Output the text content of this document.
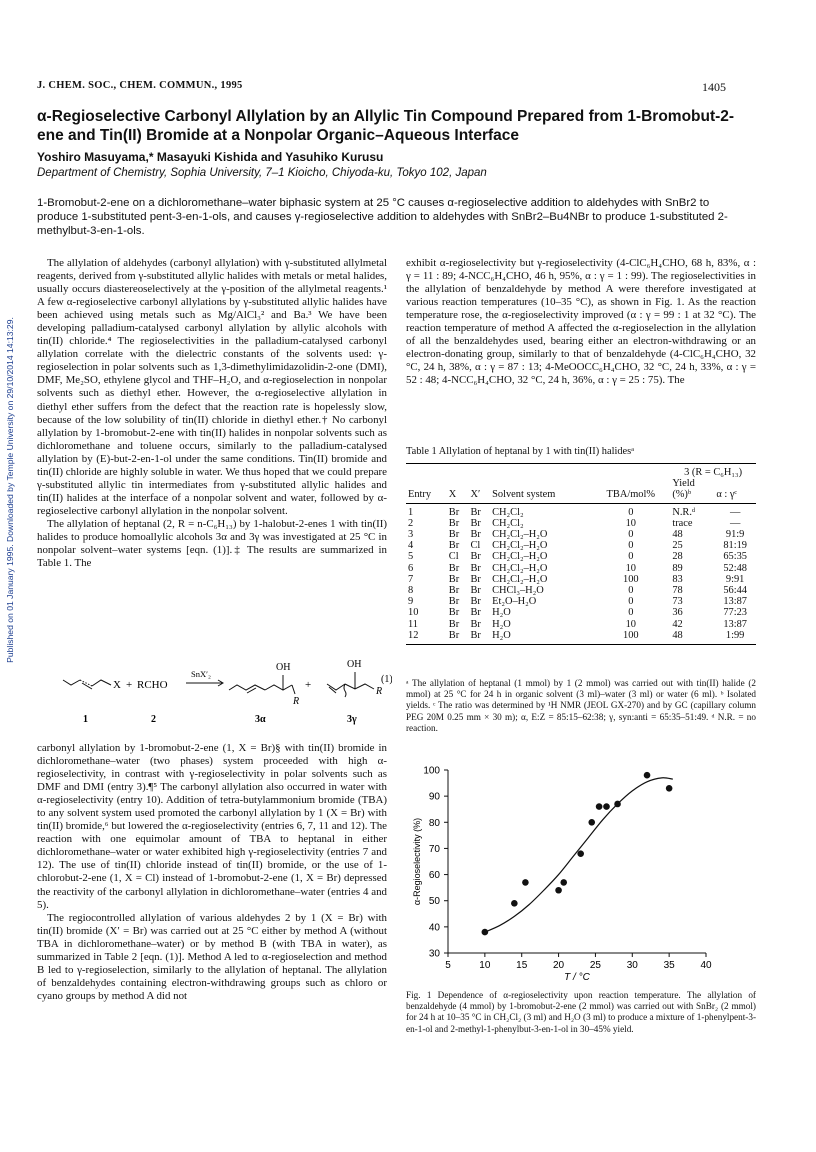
J. CHEM. SOC., CHEM. COMMUN., 1995	1405
α-Regioselective Carbonyl Allylation by an Allylic Tin Compound Prepared from 1-Bromobut-2-ene and Tin(II) Bromide at a Nonpolar Organic–Aqueous Interface
Yoshiro Masuyama,* Masayuki Kishida and Yasuhiko Kurusu
Department of Chemistry, Sophia University, 7–1 Kioicho, Chiyoda-ku, Tokyo 102, Japan
1-Bromobut-2-ene on a dichloromethane–water biphasic system at 25 °C causes α-regioselective addition to aldehydes with SnBr2 to produce 1-substituted pent-3-en-1-ols, and causes γ-regioselective addition to aldehydes with SnBr2–Bu4NBr to produce 1-substituted 2-methylbut-3-en-1-ols.
Published on 01 January 1995. Downloaded by Temple University on 29/10/2014 14:13:29.

The allylation of aldehydes (carbonyl allylation) with γ-substituted allylmetal reagents, derived from γ-substituted allylic halides with metals or metal halides, usually occurs diastereoselectively at the γ-position of the allylmetal reagents.¹ A few α-regioselective carbonyl allylations by γ-substituted allylic halides have been achieved using metals such as Mg/AlCl₃² and Ba.³ We have been developing palladium-catalysed carbonyl allylation by allylic alcohols with tin(II) chloride.⁴ The regioselectivities in the palladium-catalysed carbonyl allylation correlate with the dielectric constants of the solvents used: γ-regioselection in polar solvents such as 1,3-dimethylimidazolidin-2-one (DMI), DMF, Me₂SO, ethylene glycol and THF–H₂O, and α-regioselection in nonpolar solvents such as diethyl ether. However, the α-regioselective allylation in diethyl ether suffers from the defect that the reaction rate is hopelessly slow, because of the low solubility of tin(II) chloride in diethyl ether.† No carbonyl allylation by 1-bromobut-2-ene with tin(II) halides in nonpolar solvents such as dichloromethane and toluene occurs, similarly to the palladium-catalysed allylation by (E)-but-2-en-1-ol under the same conditions. Tin(II) bromide and tin(II) chloride are highly soluble in water. We thus hoped that we could prepare γ-substituted allylic tin intermediates from γ-substituted allylic halides and tin(II) halides at the interface of a nonpolar solvent and water, followed by α-regioselective carbonyl allylation in the nonpolar solvent.

The allylation of heptanal (2, R = n-C₆H₁₃) by 1-halobut-2-enes 1 with tin(II) halides to produce homoallylic alcohols 3α and 3γ was investigated at 25 °C in nonpolar solvent–water systems [eqn. (1)].‡ The results are summarized in Table 1. The

X + RCHO
SnX′₂
OH
R
+
OH
R
(1)
1	2	3α	3γ

carbonyl allylation by 1-bromobut-2-ene (1, X = Br)§ with tin(II) bromide in dichloromethane–water (two phases) system proceeded with high α-regioselectivity, in contrast with γ-regioselectivity in polar solvents such as DMF and DMI (entry 3).¶⁵ The carbonyl allylation also occurred in water with α-regioselectivity (entry 10). Addition of tetra-butylammonium bromide (TBA) to any solvent system used promoted the carbonyl allylation by 1 (X = Br) with tin(II) bromide,⁶ but lowered the α-regioselectivity (entries 6, 7, 11 and 12). The reaction with one equimolar amount of TBA to heptanal in either dichloromethane–water or water exhibited high γ-regioselectivity (entries 7 and 12). The use of tin(II) chloride instead of tin(II) bromide, or the use of 1-chlorobut-2-ene (1, X = Cl) instead of 1-bromobut-2-ene (1, X = Br) depressed the reactivity of the carbonyl allylation in dichloromethane–water (entries 4 and 5).

The regiocontrolled allylation of various aldehydes 2 by 1 (X = Br) with tin(II) bromide (X′ = Br) was carried out at 25 °C either by method A (without TBA in dichloromethane–water) or by method B (with TBA in water), as summarized in Table 2 [eqn. (1)]. Method A led to α-regioselection and method B led to γ-regioselection, similarly to the allylation of heptanal. The allylation of benzaldehydes containing electron-withdrawing groups such as chloro or cyano groups by method A did not

exhibit α-regioselectivity but γ-regioselectivity (4-ClC₆H₄CHO, 68 h, 83%, α : γ = 11 : 89; 4-NCC₆H₄CHO, 46 h, 95%, α : γ = 1 : 99). The regioselectivities in the allylation of benzaldehyde by method A were therefore investigated at various reaction temperatures (10–35 °C), as shown in Fig. 1. As the reaction temperature rose, the α-regioselectivity improved (α : γ = 99 : 1 at 32 °C). The reaction temperature of method A affected the α-regioselection in the allylation of all the benzaldehydes used, bearing either an electron-withdrawing or an electron-donating group, similarly to that of benzaldehyde (4-ClC₆H₄CHO, 32 °C, 24 h, 38%, α : γ = 87 : 13; 4-MeOOCC₆H₄CHO, 32 °C, 24 h, 33%, α : γ = 52 : 48; 4-NCC₆H₄CHO, 32 °C, 24 h, 36%, α : γ = 25 : 75). The

Table 1 Allylation of heptanal by 1 with tin(II) halidesᵃ
					3 (R = C₆H₁₃)	
Entry	X	X′	Solvent system	TBA/mol%	Yield (%)ᵇ	α : γᶜ
1	Br	Br	CH₂Cl₂	0	N.R.ᵈ	—
2	Br	Br	CH₂Cl₂	10	trace	—
3	Br	Br	CH₂Cl₂–H₂O	0	48	91:9
4	Br	Cl	CH₂Cl₂–H₂O	0	25	81:19
5	Cl	Br	CH₂Cl₂–H₂O	0	28	65:35
6	Br	Br	CH₂Cl₂–H₂O	10	89	52:48
7	Br	Br	CH₂Cl₂–H₂O	100	83	9:91
8	Br	Br	CHCl₃–H₂O	0	78	56:44
9	Br	Br	Et₂O–H₂O	0	73	13:87
10	Br	Br	H₂O	0	36	77:23
11	Br	Br	H₂O	10	42	13:87
12	Br	Br	H₂O	100	48	1:99
ᵃ The allylation of heptanal (1 mmol) by 1 (2 mmol) was carried out with tin(II) halide (2 mmol) at 25 °C for 24 h in organic solvent (3 ml)–water (3 ml) or water (6 ml). ᵇ Isolated yields. ᶜ The ratio was determined by ¹H NMR (JEOL GX-270) and by GC (capillary column PEG 20M 0.25 mm × 30 m); α, E:Z = 85:15–62:38; γ, syn:anti = 65:35–51:49. ᵈ N.R. = no reaction.
5	10	15	20	25	30	35	40
30
40
50
60
70
80
90
100
T / °C
α-Regioselectivity (%)
Fig. 1 Dependence of α-regioselectivity upon reaction temperature. The allylation of benzaldehyde (4 mmol) by 1-bromobut-2-ene (2 mmol) was carried out with SnBr₂ (2 mmol) for 24 h at 10–35 °C in CH₂Cl₂ (3 ml) and H₂O (3 ml) to produce a mixture of 1-phenylpent-3-en-1-ol and 2-methyl-1-phenylbut-3-en-1-ol in 30–45% yield.
